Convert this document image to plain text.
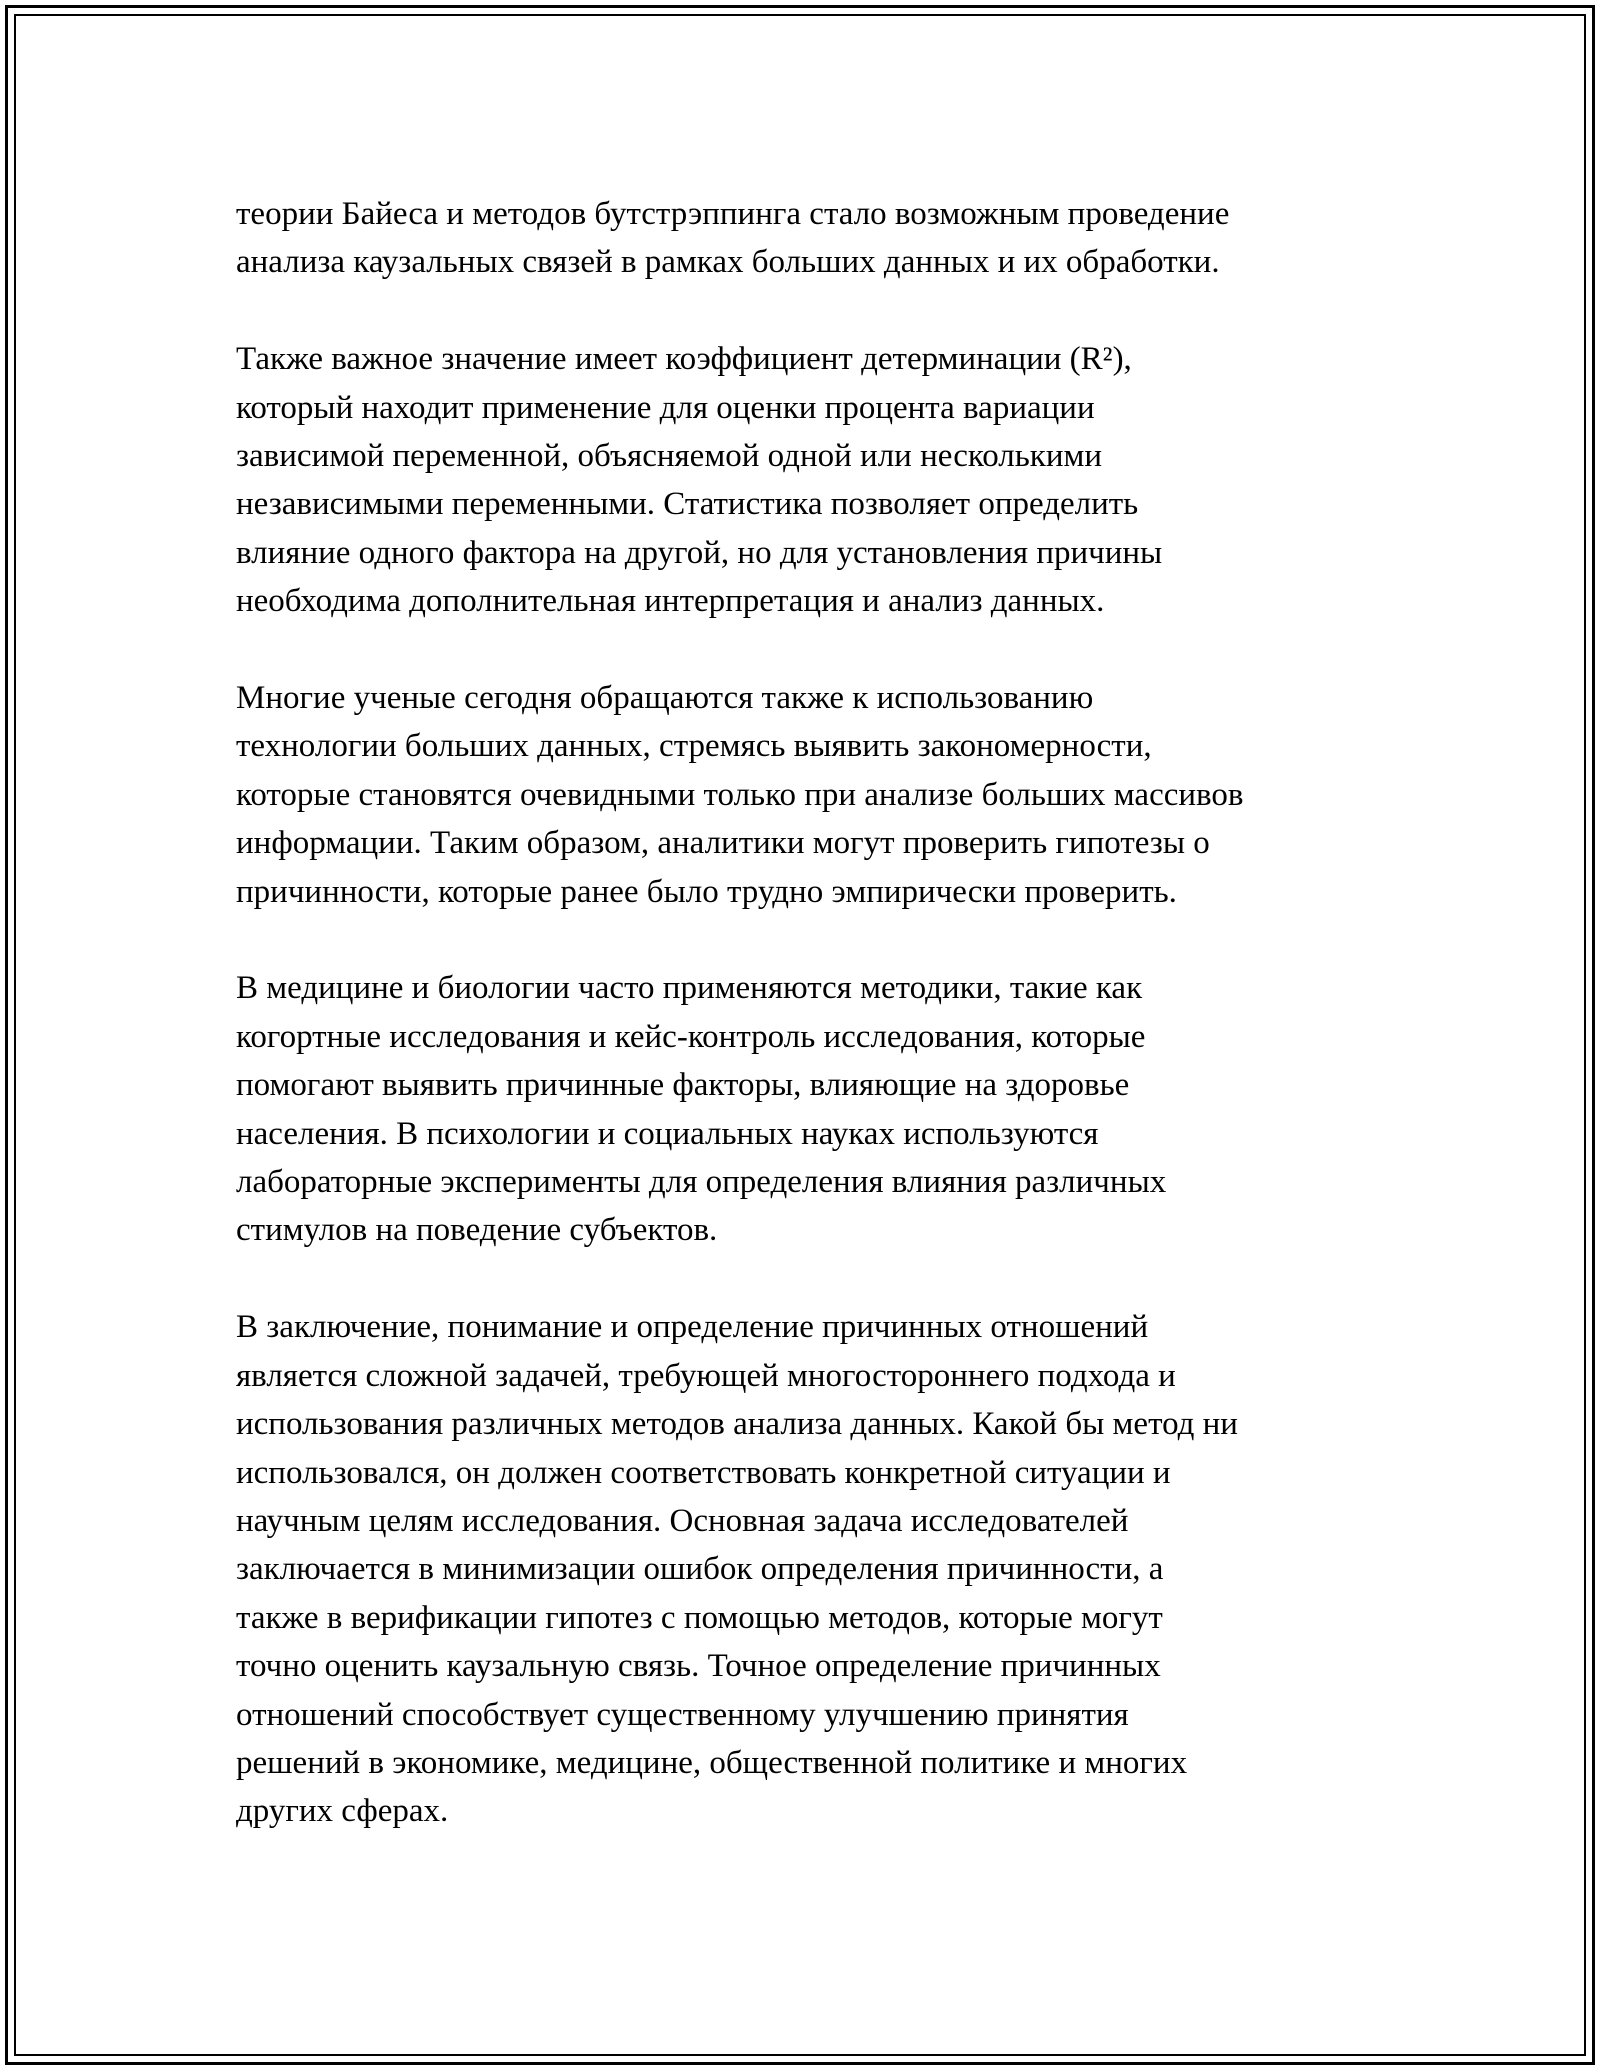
теории Байеса и методов бутстрэппинга стало возможным проведение
анализа каузальных связей в рамках больших данных и их обработки.

Также важное значение имеет коэффициент детерминации (R²),
который находит применение для оценки процента вариации
зависимой переменной, объясняемой одной или несколькими
независимыми переменными. Статистика позволяет определить
влияние одного фактора на другой, но для установления причины
необходима дополнительная интерпретация и анализ данных.

Многие ученые сегодня обращаются также к использованию
технологии больших данных, стремясь выявить закономерности,
которые становятся очевидными только при анализе больших массивов
информации. Таким образом, аналитики могут проверить гипотезы о
причинности, которые ранее было трудно эмпирически проверить.

В медицине и биологии часто применяются методики, такие как
когортные исследования и кейс-контроль исследования, которые
помогают выявить причинные факторы, влияющие на здоровье
населения. В психологии и социальных науках используются
лабораторные эксперименты для определения влияния различных
стимулов на поведение субъектов.

В заключение, понимание и определение причинных отношений
является сложной задачей, требующей многостороннего подхода и
использования различных методов анализа данных. Какой бы метод ни
использовался, он должен соответствовать конкретной ситуации и
научным целям исследования. Основная задача исследователей
заключается в минимизации ошибок определения причинности, а
также в верификации гипотез с помощью методов, которые могут
точно оценить каузальную связь. Точное определение причинных
отношений способствует существенному улучшению принятия
решений в экономике, медицине, общественной политике и многих
других сферах.
